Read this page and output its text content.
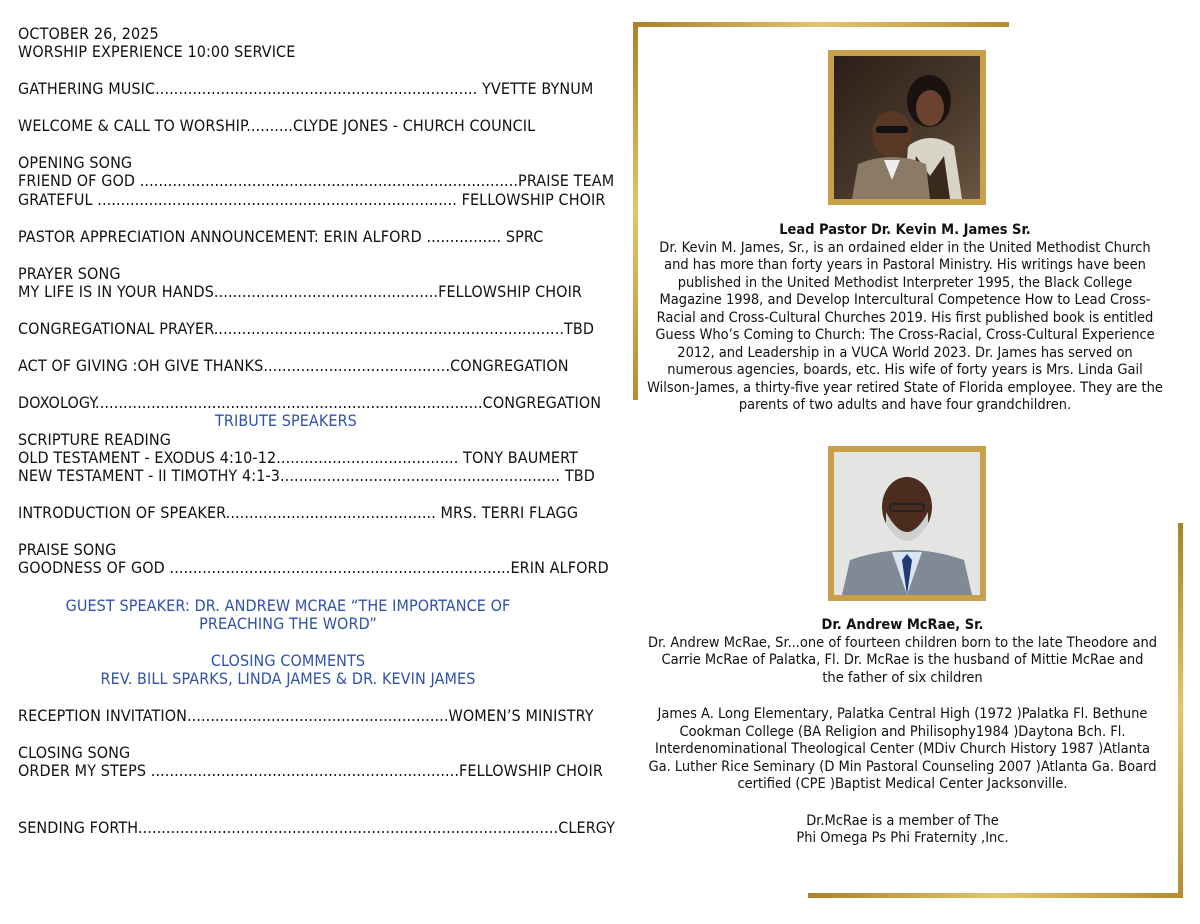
OCTOBER 26, 2025
WORSHIP EXPERIENCE 10:00 SERVICE
GATHERING MUSIC..................................................................... YVETTE BYNUM
WELCOME & CALL TO WORSHIP..........CLYDE JONES - CHURCH COUNCIL
OPENING SONG
FRIEND OF GOD .................................................................................PRAISE TEAM
GRATEFUL ............................................................................. FELLOWSHIP CHOIR
PASTOR APPRECIATION ANNOUNCEMENT: ERIN ALFORD ................ SPRC
PRAYER SONG
MY LIFE IS IN YOUR HANDS................................................FELLOWSHIP CHOIR
CONGREGATIONAL PRAYER...........................................................................TBD
ACT OF GIVING :OH GIVE THANKS........................................CONGREGATION
DOXOLOGY...................................................................................CONGREGATION
TRIBUTE SPEAKERS
SCRIPTURE READING
OLD TESTAMENT - EXODUS 4:10-12....................................... TONY BAUMERT
NEW TESTAMENT - II TIMOTHY 4:1-3............................................................ TBD
INTRODUCTION OF SPEAKER............................................. MRS. TERRI FLAGG
PRAISE SONG
GOODNESS OF GOD .........................................................................ERIN ALFORD
GUEST SPEAKER: DR. ANDREW MCRAE “THE IMPORTANCE OF
PREACHING THE WORD”
CLOSING COMMENTS
REV. BILL SPARKS, LINDA JAMES & DR. KEVIN JAMES
RECEPTION INVITATION........................................................WOMEN’S MINISTRY
CLOSING SONG
ORDER MY STEPS ..................................................................FELLOWSHIP CHOIR
SENDING FORTH..........................................................................................CLERGY
Lead Pastor Dr. Kevin M. James Sr.
Dr. Kevin M. James, Sr., is an ordained elder in the United Methodist Church
and has more than forty years in Pastoral Ministry. His writings have been
published in the United Methodist Interpreter 1995, the Black College
Magazine 1998, and Develop Intercultural Competence How to Lead Cross-
Racial and Cross-Cultural Churches 2019. His first published book is entitled
Guess Who’s Coming to Church: The Cross-Racial, Cross-Cultural Experience
2012, and Leadership in a VUCA World 2023. Dr. James has served on
numerous agencies, boards, etc. His wife of forty years is Mrs. Linda Gail
Wilson-James, a thirty-five year retired State of Florida employee. They are the
parents of two adults and have four grandchildren.
Dr. Andrew McRae, Sr.
Dr. Andrew McRae, Sr...one of fourteen children born to the late Theodore and
Carrie McRae of Palatka, Fl. Dr. McRae is the husband of Mittie McRae and
the father of six children
James A. Long Elementary, Palatka Central High (1972 )Palatka Fl. Bethune
Cookman College (BA Religion and Philisophy1984 )Daytona Bch. Fl.
Interdenominational Theological Center (MDiv Church History 1987 )Atlanta
Ga. Luther Rice Seminary (D Min Pastoral Counseling 2007 )Atlanta Ga. Board
certified (CPE )Baptist Medical Center Jacksonville.
Dr.McRae is a member of The
Phi Omega Ps Phi Fraternity ,Inc.
